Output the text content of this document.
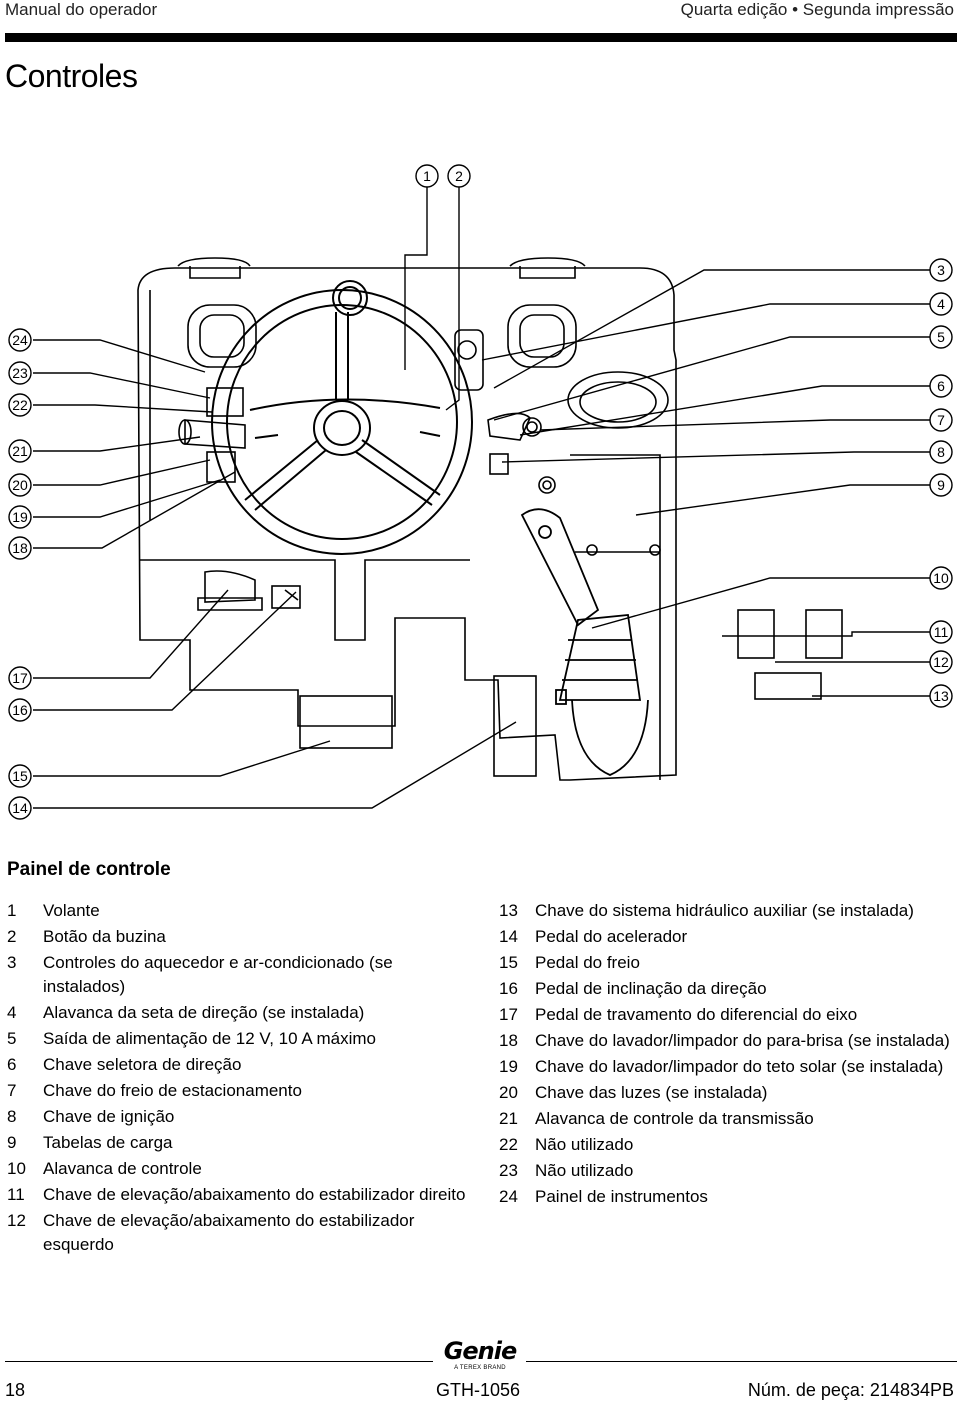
Manual do operador	Quarta edição • Segunda impressão
Controles
1 2
3
4
5
6
7
8
9
10
11
12
13
14
15
16
17
18
19
20
21
22
23
24
Painel de controle
1	Volante
2	Botão da buzina
3	Controles do aquecedor e ar-condicionado (se instalados)
4	Alavanca da seta de direção (se instalada)
5	Saída de alimentação de 12 V, 10 A máximo
6	Chave seletora de direção
7	Chave do freio de estacionamento
8	Chave de ignição
9	Tabelas de carga
10	Alavanca de controle
11	Chave de elevação/abaixamento do estabilizador direito
12	Chave de elevação/abaixamento do estabilizador esquerdo
13	Chave do sistema hidráulico auxiliar (se instalada)
14	Pedal do acelerador
15	Pedal do freio
16	Pedal de inclinação da direção
17	Pedal de travamento do diferencial do eixo
18	Chave do lavador/limpador do para-brisa (se instalada)
19	Chave do lavador/limpador do teto solar (se instalada)
20	Chave das luzes (se instalada)
21	Alavanca de controle da transmissão
22	Não utilizado
23	Não utilizado
24	Painel de instrumentos
Genie
A TEREX BRAND
18	GTH-1056	Núm. de peça: 214834PB
